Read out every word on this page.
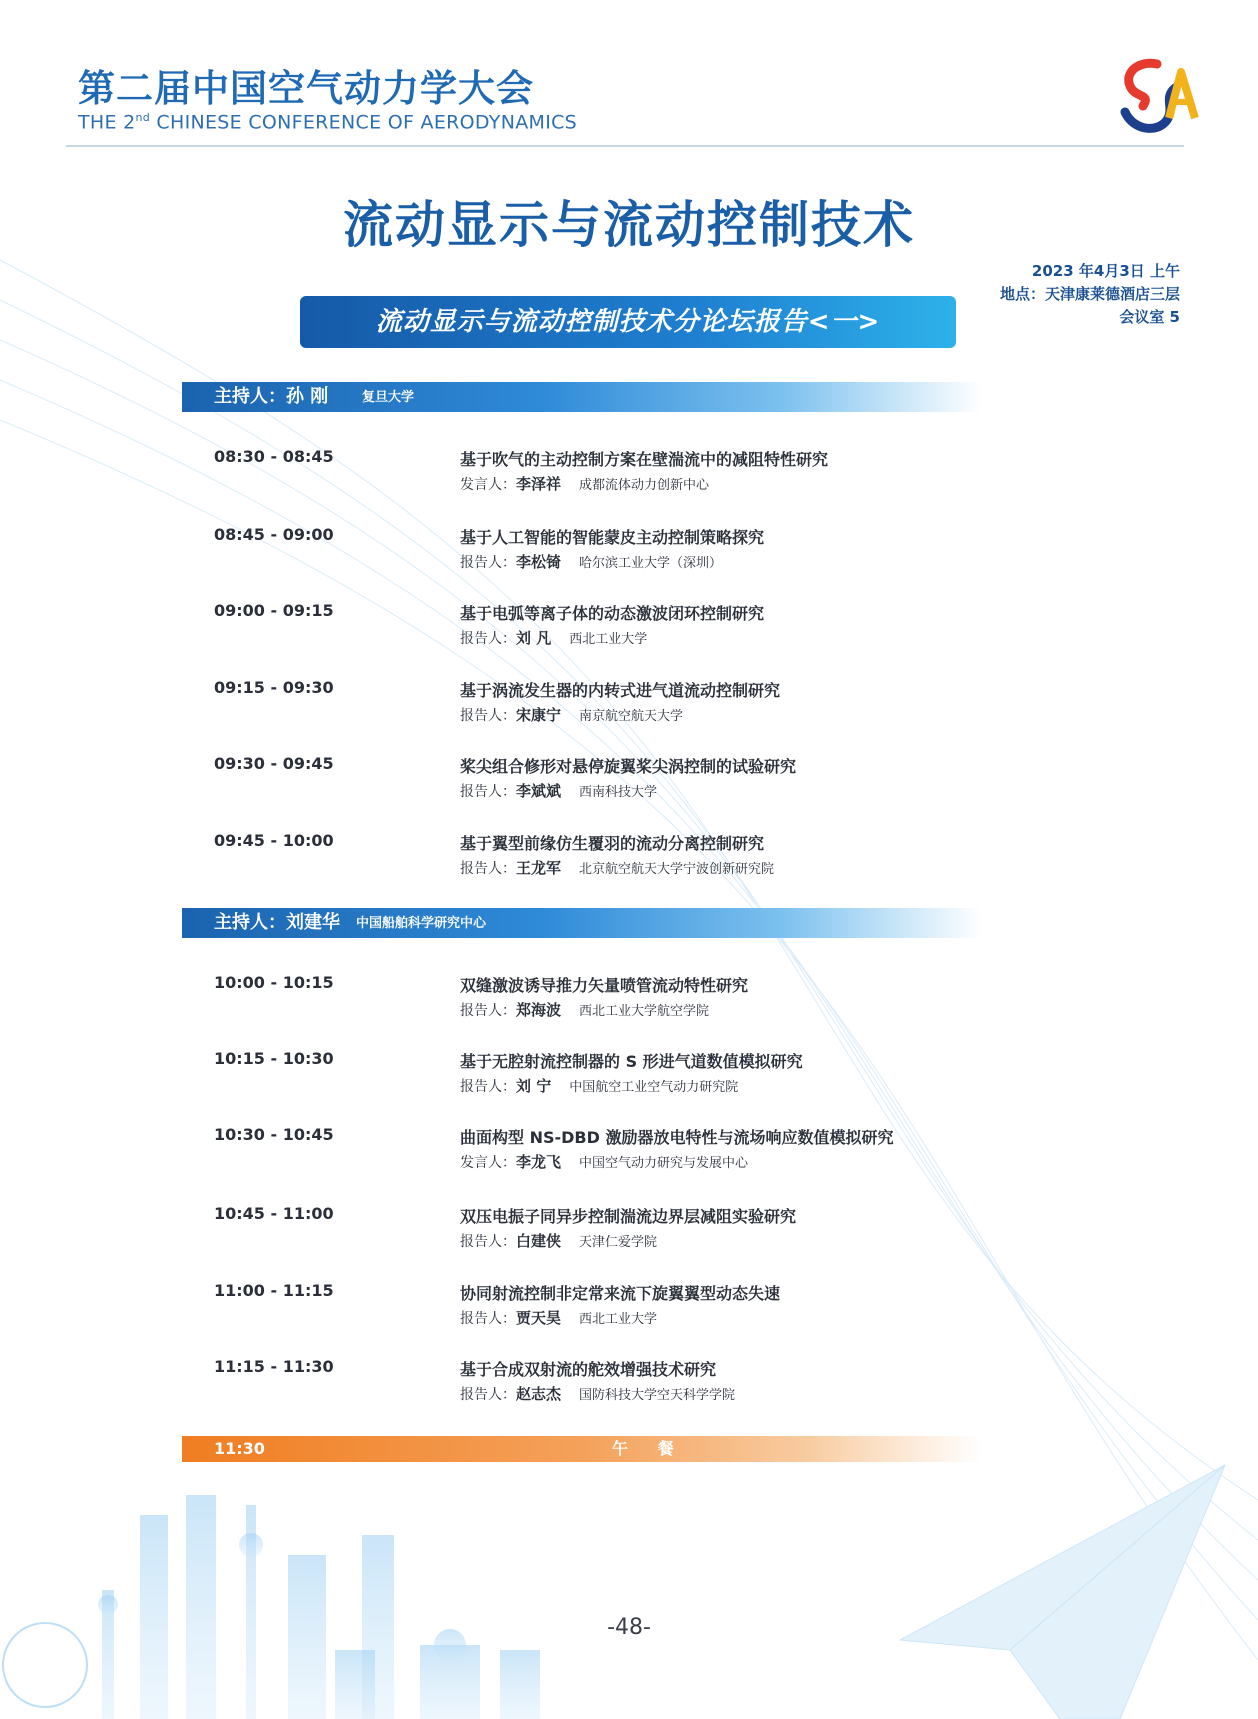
第二届中国空气动力学大会
THE 2nd CHINESE CONFERENCE OF AERODYNAMICS
流动显示与流动控制技术
2023 年4月3日 上午
地点：天津康莱德酒店三层
会议室 5
流动显示与流动控制技术分论坛报告<一>
主持人：孙 刚	复旦大学
08:30 - 08:45	基于吹气的主动控制方案在壁湍流中的减阻特性研究
发言人：李泽祥 成都流体动力创新中心
08:45 - 09:00	基于人工智能的智能蒙皮主动控制策略探究
报告人：李松锜 哈尔滨工业大学（深圳）
09:00 - 09:15	基于电弧等离子体的动态激波闭环控制研究
报告人：刘 凡 西北工业大学
09:15 - 09:30	基于涡流发生器的内转式进气道流动控制研究
报告人：宋康宁 南京航空航天大学
09:30 - 09:45	桨尖组合修形对悬停旋翼桨尖涡控制的试验研究
报告人：李斌斌 西南科技大学
09:45 - 10:00	基于翼型前缘仿生覆羽的流动分离控制研究
报告人：王龙军 北京航空航天大学宁波创新研究院
主持人：刘建华 中国船舶科学研究中心
10:00 - 10:15	双缝激波诱导推力矢量喷管流动特性研究
报告人：郑海波 西北工业大学航空学院
10:15 - 10:30	基于无腔射流控制器的 S 形进气道数值模拟研究
报告人：刘 宁 中国航空工业空气动力研究院
10:30 - 10:45	曲面构型 NS-DBD 激励器放电特性与流场响应数值模拟研究
发言人：李龙飞 中国空气动力研究与发展中心
10:45 - 11:00	双压电振子同异步控制湍流边界层减阻实验研究
报告人：白建侠 天津仁爱学院
11:00 - 11:15	协同射流控制非定常来流下旋翼翼型动态失速
报告人：贾天昊 西北工业大学
11:15 - 11:30	基于合成双射流的舵效增强技术研究
报告人：赵志杰 国防科技大学空天科学学院
11:30	午 餐
-48-
